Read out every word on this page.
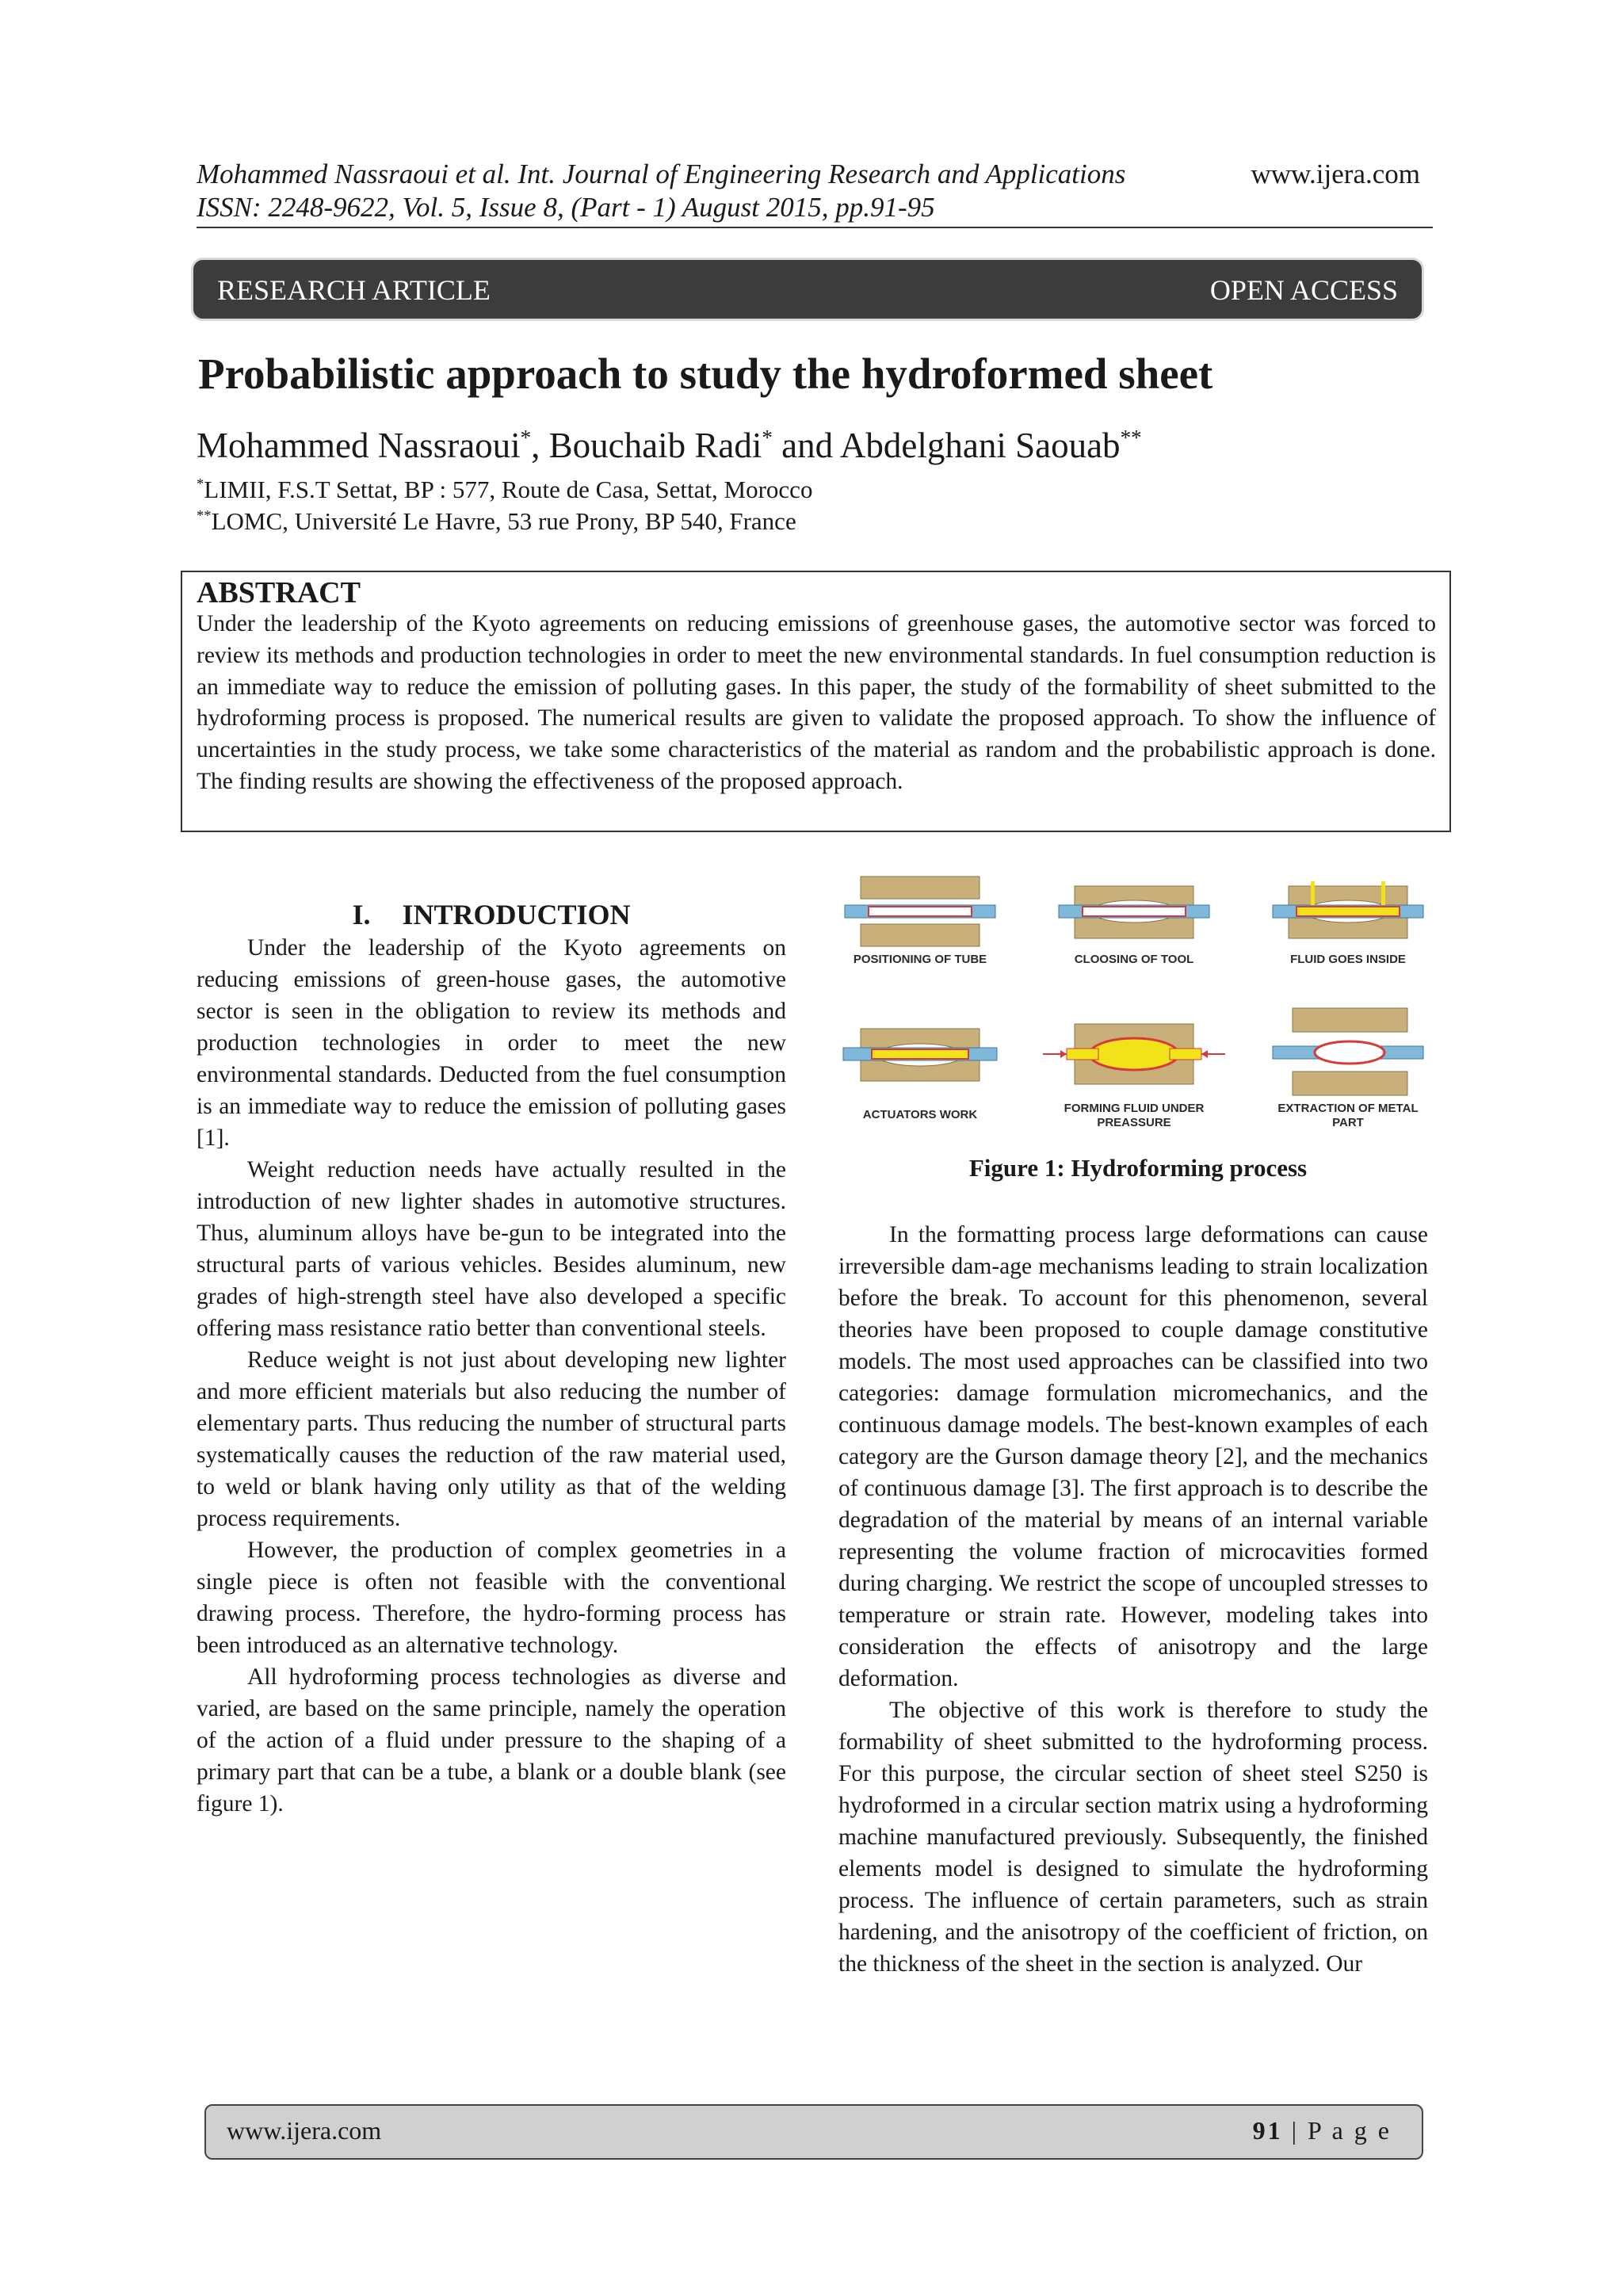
Mohammed Nassraoui et al. Int. Journal of Engineering Research and Applications	www.ijera.com
ISSN: 2248-9622, Vol. 5, Issue 8, (Part - 1) August 2015, pp.91-95
RESEARCH ARTICLE	OPEN ACCESS
Probabilistic approach to study the hydroformed sheet
Mohammed Nassraoui*, Bouchaib Radi* and Abdelghani Saouab**
*LIMII, F.S.T Settat, BP : 577, Route de Casa, Settat, Morocco
**LOMC, Université Le Havre, 53 rue Prony, BP 540, France
ABSTRACT
Under the leadership of the Kyoto agreements on reducing emissions of greenhouse gases, the automotive sector was forced to review its methods and production technologies in order to meet the new environmental standards. In fuel consumption reduction is an immediate way to reduce the emission of polluting gases. In this paper, the study of the formability of sheet submitted to the hydroforming process is proposed. The numerical results are given to validate the proposed approach. To show the influence of uncertainties in the study process, we take some characteristics of the material as random and the probabilistic approach is done. The finding results are showing the effectiveness of the proposed approach.
I. INTRODUCTION

Under the leadership of the Kyoto agreements on reducing emissions of green-house gases, the automotive sector is seen in the obligation to review its methods and production technologies in order to meet the new environmental standards. Deducted from the fuel consumption is an immediate way to reduce the emission of polluting gases [1].

Weight reduction needs have actually resulted in the introduction of new lighter shades in automotive structures. Thus, aluminum alloys have be-gun to be integrated into the structural parts of various vehicles. Besides aluminum, new grades of high-strength steel have also developed a specific offering mass resistance ratio better than conventional steels.

Reduce weight is not just about developing new lighter and more efficient materials but also reducing the number of elementary parts. Thus reducing the number of structural parts systematically causes the reduction of the raw material used, to weld or blank having only utility as that of the welding process requirements.

However, the production of complex geometries in a single piece is often not feasible with the conventional drawing process. Therefore, the hydro-forming process has been introduced as an alternative technology.

All hydroforming process technologies as diverse and varied, are based on the same principle, namely the operation of the action of a fluid under pressure to the shaping of a primary part that can be a tube, a blank or a double blank (see figure 1).

POSITIONING OF TUBE	CLOOSING OF TOOL	FLUID GOES INSIDE
ACTUATORS WORK	FORMING FLUID UNDER PREASSURE
EXTRACTION OF METAL PART
Figure 1: Hydroforming process

In the formatting process large deformations can cause irreversible dam-age mechanisms leading to strain localization before the break. To account for this phenomenon, several theories have been proposed to couple damage constitutive models. The most used approaches can be classified into two categories: damage formulation micromechanics, and the continuous damage models. The best-known examples of each category are the Gurson damage theory [2], and the mechanics of continuous damage [3]. The first approach is to describe the degradation of the material by means of an internal variable representing the volume fraction of microcavities formed during charging. We restrict the scope of uncoupled stresses to temperature or strain rate. However, modeling takes into consideration the effects of anisotropy and the large deformation.

The objective of this work is therefore to study the formability of sheet submitted to the hydroforming process. For this purpose, the circular section of sheet steel S250 is hydroformed in a circular section matrix using a hydroforming machine manufactured previously. Subsequently, the finished elements model is designed to simulate the hydroforming process. The influence of certain parameters, such as strain hardening, and the anisotropy of the coefficient of friction, on the thickness of the sheet in the section is analyzed. Our

www.ijera.com	91 | P a g e
